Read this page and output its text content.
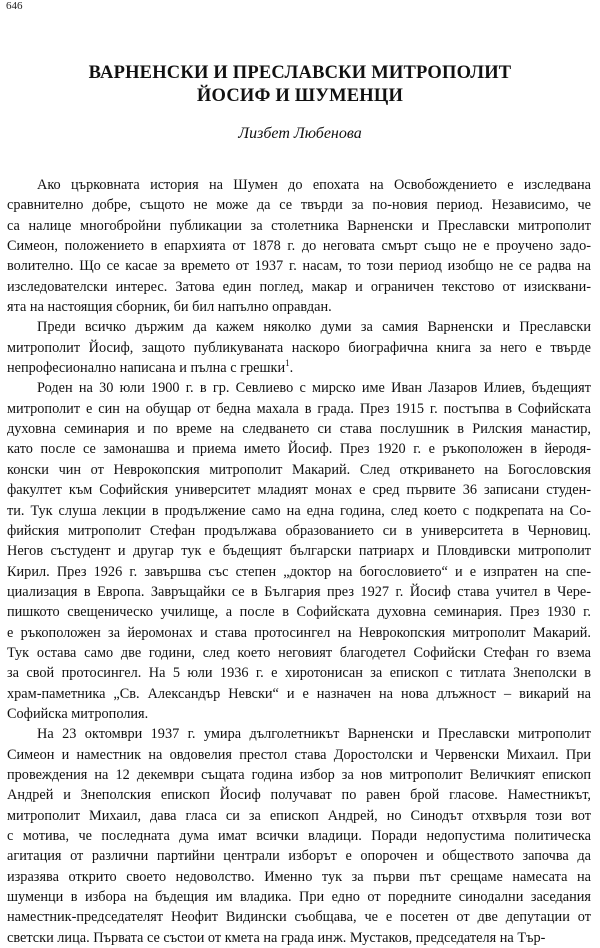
646
ВАРНЕНСКИ И ПРЕСЛАВСКИ МИТРОПОЛИТ
ЙОСИФ И ШУМЕНЦИ
Лизбет Любенова

Ако църковната история на Шумен до епохата на Освобождението е изследвана
сравнително добре, същото не може да се твърди за по-новия период. Независимо, че
са налице многобройни публикации за столетника Варненски и Преславски митрополит
Симеон, положението в епархията от 1878 г. до неговата смърт също не е проучено задо-
волително. Що се касае за времето от 1937 г. насам, то този период изобщо не се радва на
изследователски интерес. Затова един поглед, макар и ограничен текстово от изисквани-
ята на настоящия сборник, би бил напълно оправдан.

Преди всичко държим да кажем няколко думи за самия Варненски и Преславски
митрополит Йосиф, защото публикуваната наскоро биографична книга за него е твърде
непрофесионално написана и пълна с грешки$^1$.

Роден на 30 юли 1900 г. в гр. Севлиево с мирско име Иван Лазаров Илиев, бъдещият
митрополит е син на обущар от бедна махала в града. През 1915 г. постъпва в Софийската
духовна семинария и по време на следването си става послушник в Рилския манастир,
като после се замонашва и приема името Йосиф. През 1920 г. е ръкоположен в йеродя-
конски чин от Неврокопския митрополит Макарий. След откриването на Богословския
факултет към Софийския университет младият монах е сред първите 36 записани студен-
ти. Тук слуша лекции в продължение само на една година, след което с подкрепата на Со-
фийския митрополит Стефан продължава образованието си в университета в Черновиц.
Негов състудент и другар тук е бъдещият български патриарх и Пловдивски митрополит
Кирил. През 1926 г. завършва със степен „доктор на богословието“ и е изпратен на спе-
циализация в Европа. Завръщайки се в България през 1927 г. Йосиф става учител в Чере-
пишкото свещеническо училище, а после в Софийската духовна семинария. През 1930 г.
е ръкоположен за йеромонах и става протосингел на Неврокопския митрополит Макарий.
Тук остава само две години, след което неговият благодетел Софийски Стефан го взема
за свой протосингел. На 5 юли 1936 г. е хиротонисан за епископ с титлата Знеполски в
храм-паметника „Св. Александър Невски“ и е назначен на нова длъжност – викарий на
Софийска митрополия.

На 23 октомври 1937 г. умира дълголетникът Варненски и Преславски митрополит
Симеон и наместник на овдовелия престол става Доростолски и Червенски Михаил. При
провеждения на 12 декември същата година избор за нов митрополит Величкият епископ
Андрей и Знеполския епископ Йосиф получават по равен брой гласове. Наместникът,
митрополит Михаил, дава гласа си за епископ Андрей, но Синодът отхвърля този вот
с мотива, че последната дума имат всички владици. Поради недопустима политическа
агитация от различни партийни централи изборът е опорочен и обществото започва да
изразява открито своето недоволство. Именно тук за първи път срещаме намесата на
шуменци в избора на бъдещия им владика. При едно от поредните синодални заседания
наместник-председателят Неофит Видински съобщава, че е посетен от две депутации от
светски лица. Първата се състои от кмета на града инж. Мустаков, председателя на Тър-
